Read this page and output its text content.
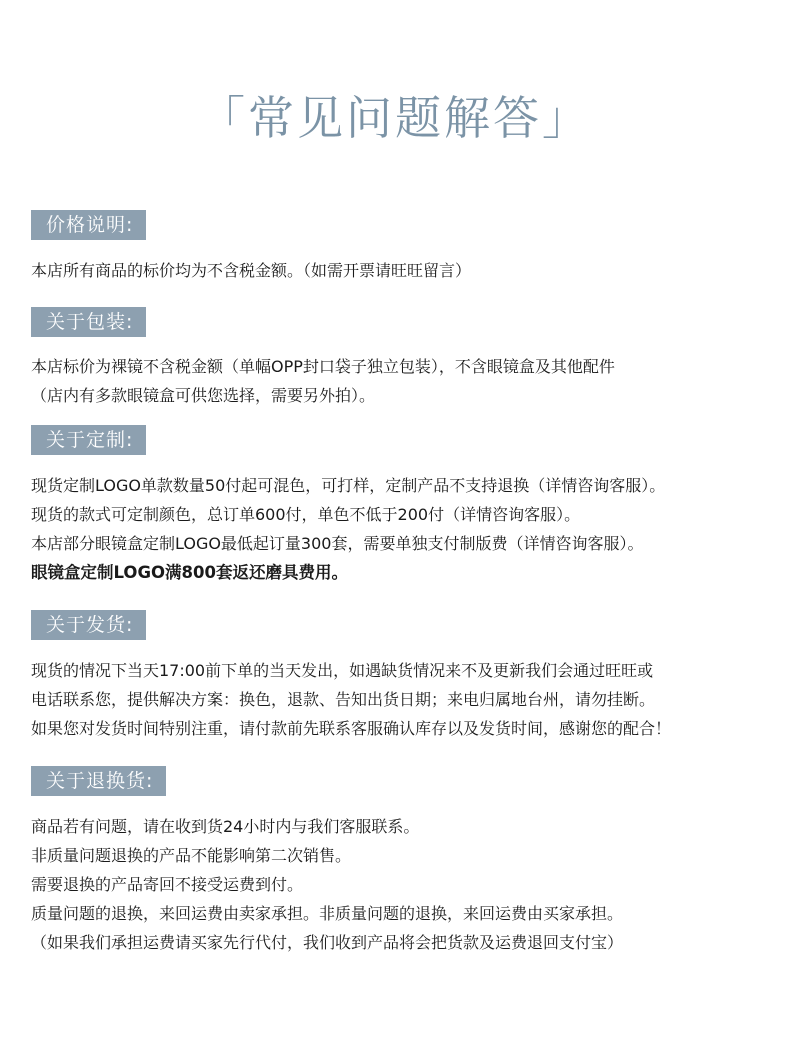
「常见问题解答」
价格说明:
本店所有商品的标价均为不含税金额。（如需开票请旺旺留言）
关于包装:
本店标价为裸镜不含税金额（单幅OPP封口袋子独立包装），不含眼镜盒及其他配件
（店内有多款眼镜盒可供您选择，需要另外拍）。
关于定制:
现货定制LOGO单款数量50付起可混色，可打样，定制产品不支持退换（详情咨询客服）。
现货的款式可定制颜色，总订单600付，单色不低于200付（详情咨询客服）。
本店部分眼镜盒定制LOGO最低起订量300套，需要单独支付制版费（详情咨询客服）。
眼镜盒定制LOGO满800套返还磨具费用。
关于发货:
现货的情况下当天17:00前下单的当天发出，如遇缺货情况来不及更新我们会通过旺旺或
电话联系您，提供解决方案：换色，退款、告知出货日期；来电归属地台州，请勿挂断。
如果您对发货时间特别注重，请付款前先联系客服确认库存以及发货时间，感谢您的配合！
关于退换货:
商品若有问题，请在收到货24小时内与我们客服联系。
非质量问题退换的产品不能影响第二次销售。
需要退换的产品寄回不接受运费到付。
质量问题的退换，来回运费由卖家承担。非质量问题的退换，来回运费由买家承担。
（如果我们承担运费请买家先行代付，我们收到产品将会把货款及运费退回支付宝）
